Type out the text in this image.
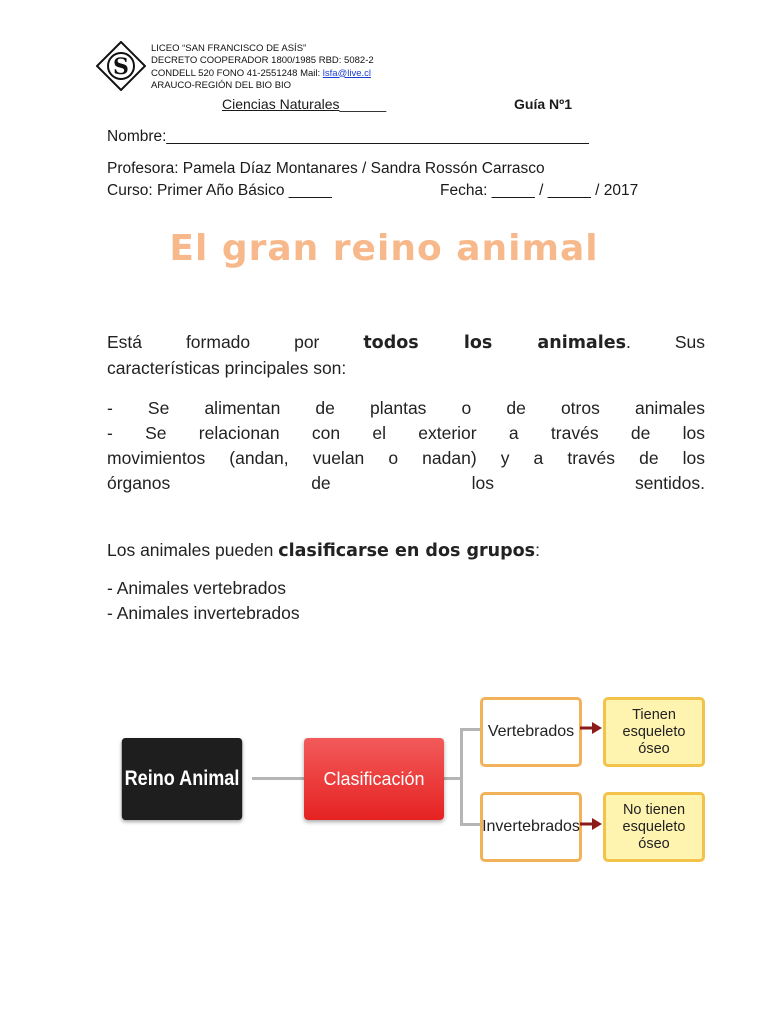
S
LICEO “SAN FRANCISCO DE ASÍS”
DECRETO COOPERADOR 1800/1985 RBD: 5082-2
CONDELL 520 FONO 41-2551248 Mail: lsfa@live.cl
ARAUCO-REGIÓN DEL BIO BIO
Ciencias Naturales______	Guía Nº1
Nombre:_________________________________________________
Profesora: Pamela Díaz Montanares / Sandra Rossón Carrasco
Curso: Primer Año Básico _____	Fecha: _____ / _____ / 2017
El gran reino animal
Está formado por	todos los animales. Sus
características principales son:
- Se alimentan de plantas o de otros animales
- Se relacionan con el exterior a través de los
movimientos (andan, vuelan o nadan) y a través de los
órganos de los sentidos.
Los animales pueden clasificarse en dos grupos:
- Animales vertebrados
- Animales invertebrados
Reino Animal	Clasificación
Vertebrados
Invertebrados
Tienen esqueleto óseo
No tienen esqueleto óseo
